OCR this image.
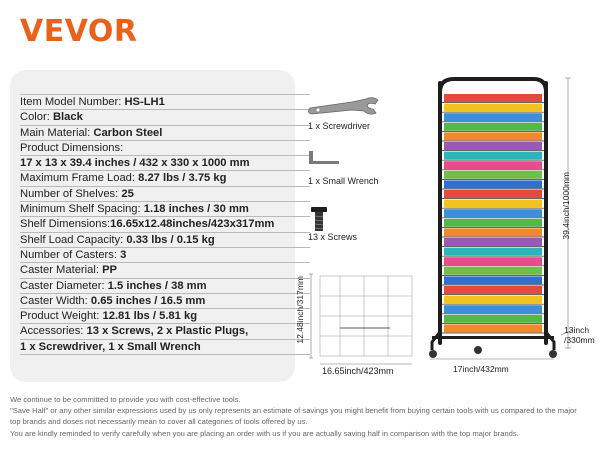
VEVOR
Item Model Number: HS-LH1
Color: Black
Main Material: Carbon Steel
Product Dimensions:
17 x 13 x 39.4 inches / 432 x 330 x 1000 mm
Maximum Frame Load: 8.27 lbs / 3.75 kg
Number of Shelves: 25
Minimum Shelf Spacing: 1.18 inches / 30 mm
Shelf Dimensions:16.65x12.48inches/423x317mm
Shelf Load Capacity: 0.33 lbs / 0.15 kg
Number of Casters: 3
Caster Material: PP
Caster Diameter: 1.5 inches / 38 mm
Caster Width: 0.65 inches / 16.5 mm
Product Weight: 12.81 lbs / 5.81 kg
Accessories: 13 x Screws, 2 x Plastic Plugs,
1 x Screwdriver, 1 x Small Wrench
1 x Screwdriver
1 x Small Wrench
13 x Screws
12.48inch/317mm
16.65inch/423mm
39.4inch/1000mm
17inch/432mm
13inch
/330mm
We continue to be committed to provide you with cost-effective tools.
"Save Half" or any other similar expressions used by us only represents an estimate of savings you might benefit from buying certain tools with us compared to the major
top brands and doses not necessarily mean to cover all categories of tools offered by us.
You are kindly reminded to verify carefully when you are placing an order with us if you are actually saving half in comparison with the top major brands.
